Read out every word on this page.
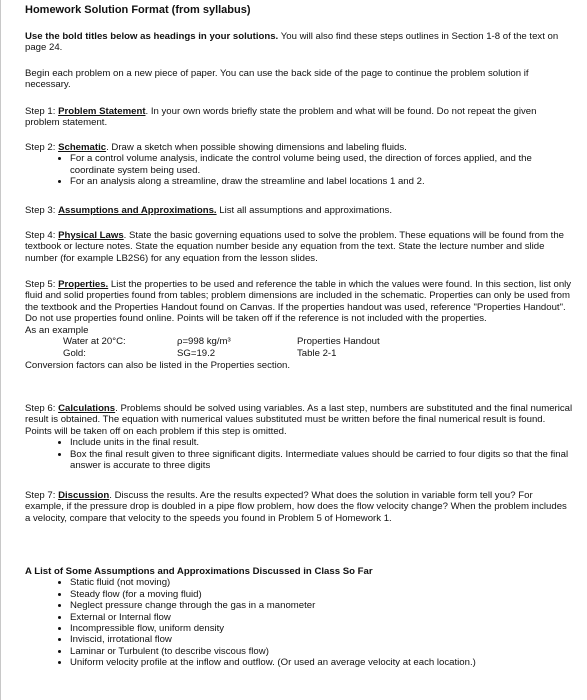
Homework Solution Format (from syllabus)
Use the bold titles below as headings in your solutions. You will also find these steps outlines in Section 1-8 of the text on page 24.
Begin each problem on a new piece of paper. You can use the back side of the page to continue the problem solution if necessary.
Step 1: Problem Statement. In your own words briefly state the problem and what will be found. Do not repeat the given problem statement.
Step 2: Schematic. Draw a sketch when possible showing dimensions and labeling fluids.
• For a control volume analysis, indicate the control volume being used, the direction of forces applied, and the coordinate system being used.
• For an analysis along a streamline, draw the streamline and label locations 1 and 2.
Step 3: Assumptions and Approximations. List all assumptions and approximations.
Step 4: Physical Laws. State the basic governing equations used to solve the problem. These equations will be found from the textbook or lecture notes. State the equation number beside any equation from the text. State the lecture number and slide number (for example LB2S6) for any equation from the lesson slides.
Step 5: Properties. List the properties to be used and reference the table in which the values were found. In this section, list only fluid and solid properties found from tables; problem dimensions are included in the schematic. Properties can only be used from the textbook and the Properties Handout found on Canvas. If the properties handout was used, reference "Properties Handout". Do not use properties found online. Points will be taken off if the reference is not included with the properties.
As an example
Water at 20°C:	ρ=998 kg/m³	Properties Handout
Gold:	SG=19.2	Table 2-1
Conversion factors can also be listed in the Properties section.
Step 6: Calculations. Problems should be solved using variables. As a last step, numbers are substituted and the final numerical result is obtained. The equation with numerical values substituted must be written before the final numerical result is found. Points will be taken off on each problem if this step is omitted.
• Include units in the final result.
• Box the final result given to three significant digits. Intermediate values should be carried to four digits so that the final answer is accurate to three digits
Step 7: Discussion. Discuss the results. Are the results expected? What does the solution in variable form tell you? For example, if the pressure drop is doubled in a pipe flow problem, how does the flow velocity change? When the problem includes a velocity, compare that velocity to the speeds you found in Problem 5 of Homework 1.
A List of Some Assumptions and Approximations Discussed in Class So Far
• Static fluid (not moving)
• Steady flow (for a moving fluid)
• Neglect pressure change through the gas in a manometer
• External or Internal flow
• Incompressible flow, uniform density
• Inviscid, irrotational flow
• Laminar or Turbulent (to describe viscous flow)
• Uniform velocity profile at the inflow and outflow. (Or used an average velocity at each location.)
